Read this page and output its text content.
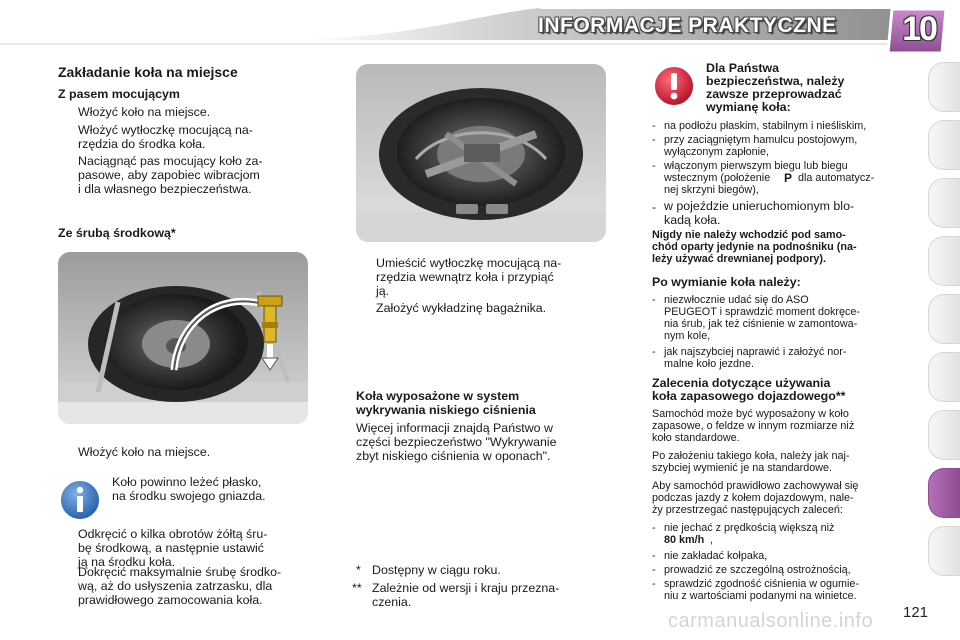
INFORMACJE PRAKTYCZNE	10
Zakładanie koła na miejsce
Z pasem mocującym
Włożyć koło na miejsce.
Włożyć wytłoczkę mocującą na-
rzędzia do środka koła.
Naciągnąć pas mocujący koło za-
pasowe, aby zapobiec wibracjom
i dla własnego bezpieczeństwa.
Ze śrubą środkową*
Włożyć koło na miejsce.
Koło powinno leżeć płasko,
na środku swojego gniazda.
Odkręcić o kilka obrotów żółtą śru-
bę środkową, a następnie ustawić
ją na środku koła.
Dokręcić maksymalnie śrubę środko-
wą, aż do usłyszenia zatrzasku, dla
prawidłowego zamocowania koła.
Umieścić wytłoczkę mocującą na-
rzędzia wewnątrz koła i przypiąć
ją.
Założyć wykładzinę bagażnika.
Koła wyposażone w system
wykrywania niskiego ciśnienia
Więcej informacji znajdą Państwo w
części bezpieczeństwo "Wykrywanie
zbyt niskiego ciśnienia w oponach".
* Dostępny w ciągu roku.
** Zależnie od wersji i kraju przezna-
czenia.
Dla Państwa
bezpieczeństwa, należy
zawsze przeprowadzać
wymianę koła:
- na podłożu płaskim, stabilnym i nieśliskim,
- przy zaciągniętym hamulcu postojowym,
wyłączonym zapłonie,
- włączonym pierwszym biegu lub biegu
wstecznym (położenie P dla automatycz-
nej skrzyni biegów),
- w pojeździe unieruchomionym blo-
kadą koła.
Nigdy nie należy wchodzić pod samo-
chód oparty jedynie na podnośniku (na-
leży używać drewnianej podpory).
Po wymianie koła należy:
- niezwłocznie udać się do ASO
PEUGEOT i sprawdzić moment dokręce-
nia śrub, jak też ciśnienie w zamontowa-
nym kole,
- jak najszybciej naprawić i założyć nor-
malne koło jezdne.
Zalecenia dotyczące używania
koła zapasowego dojazdowego**
Samochód może być wyposażony w koło
zapasowe, o feldze w innym rozmiarze niż
koło standardowe.
Po założeniu takiego koła, należy jak naj-
szybciej wymienić je na standardowe.
Aby samochód prawidłowo zachowywał się
podczas jazdy z kołem dojazdowym, nale-
ży przestrzegać następujących zaleceń:
- nie jechać z prędkością większą niż
80 km/h ,
- nie zakładać kołpaka,
- prowadzić ze szczególną ostrożnością,
- sprawdzić zgodność ciśnienia w ogumie-
niu z wartościami podanymi na winietce.
carmanualsonline.info 121
